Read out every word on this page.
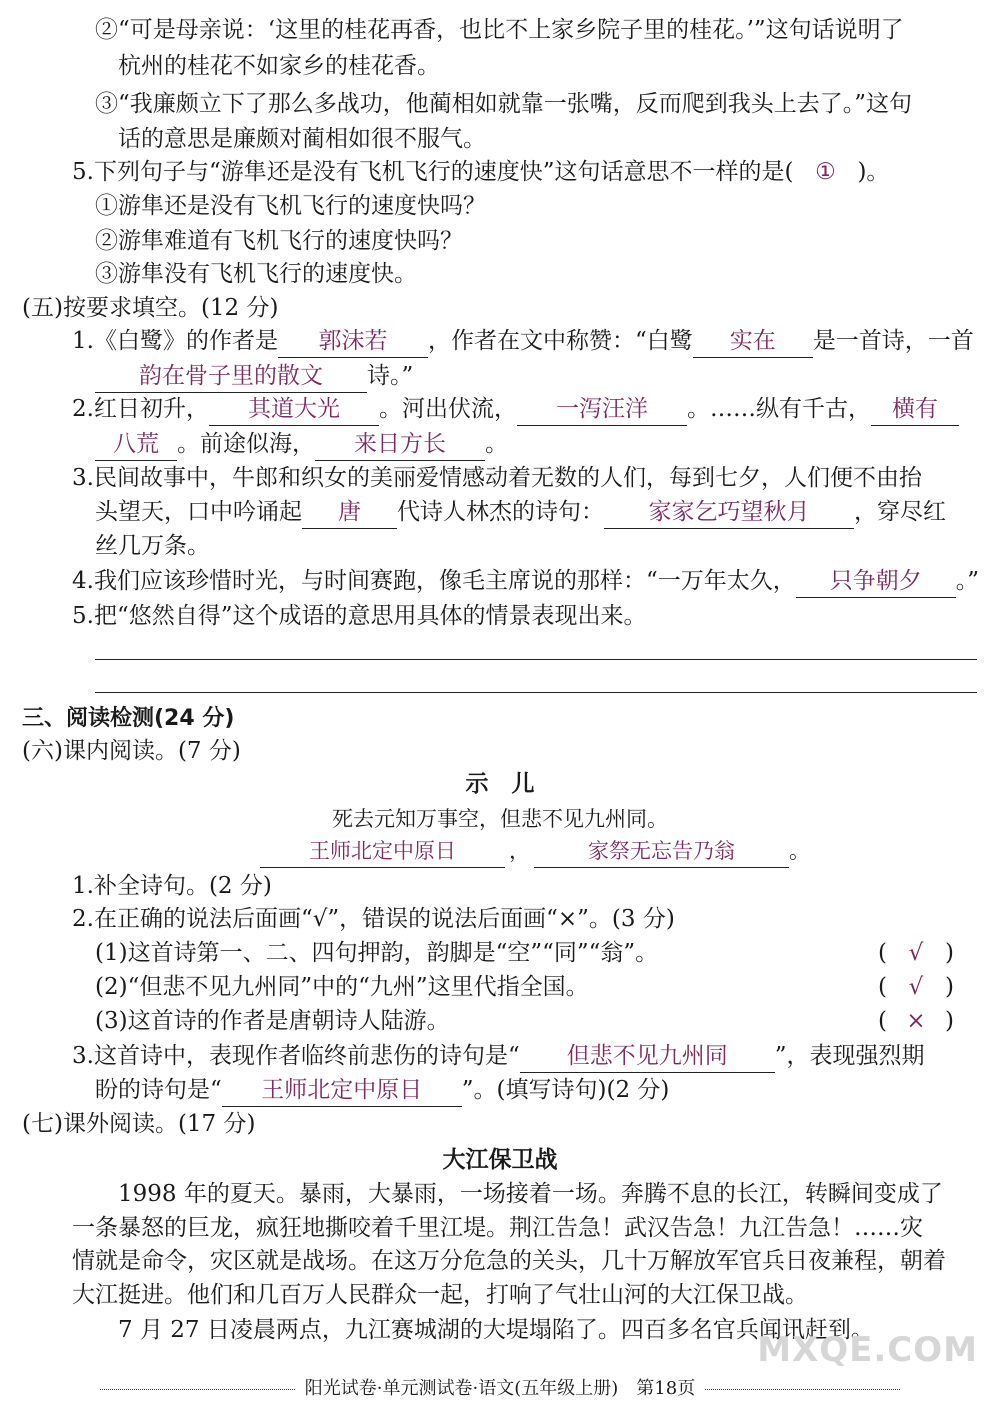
②“可是母亲说：‘这里的桂花再香，也比不上家乡院子里的桂花。’”这句话说明了
杭州的桂花不如家乡的桂花香。
③“我廉颇立下了那么多战功，他蔺相如就靠一张嘴，反而爬到我头上去了。”这句
话的意思是廉颇对蔺相如很不服气。
5.下列句子与“游隼还是没有飞机飞行的速度快”这句话意思不一样的是( ① )。
①游隼还是没有飞机飞行的速度快吗？
②游隼难道有飞机飞行的速度快吗？
③游隼没有飞机飞行的速度快。
(五)按要求填空。(12 分)
1.《白鹭》的作者是 郭沫若 ，作者在文中称赞：“白鹭 实在 是一首诗，一首
韵在骨子里的散文 诗。”
2.红日初升， 其道大光 。河出伏流， 一泻汪洋 。……纵有千古， 横有
八荒 。前途似海， 来日方长 。
3.民间故事中，牛郎和织女的美丽爱情感动着无数的人们，每到七夕，人们便不由抬
头望天，口中吟诵起 唐 代诗人林杰的诗句： 家家乞巧望秋月 ，穿尽红
丝几万条。
4.我们应该珍惜时光，与时间赛跑，像毛主席说的那样：“一万年太久， 只争朝夕 。”
5.把“悠然自得”这个成语的意思用具体的情景表现出来。
三、阅读检测(24 分)
(六)课内阅读。(7 分)
示　儿
死去元知万事空，但悲不见九州同。
王师北定中原日	，	家祭无忘告乃翁	。
1.补全诗句。(2 分)
2.在正确的说法后面画“√”，错误的说法后面画“×”。(3 分)
(1)这首诗第一、二、四句押韵，韵脚是“空”“同”“翁”。	( √ )
(2)“但悲不见九州同”中的“九州”这里代指全国。	( √ )
(3)这首诗的作者是唐朝诗人陆游。	( × )
3.这首诗中，表现作者临终前悲伤的诗句是“ 但悲不见九州同 ”，表现强烈期
盼的诗句是“ 王师北定中原日 ”。(填写诗句)(2 分)
(七)课外阅读。(17 分)
大江保卫战
1998 年的夏天。暴雨，大暴雨，一场接着一场。奔腾不息的长江，转瞬间变成了
一条暴怒的巨龙，疯狂地撕咬着千里江堤。荆江告急！武汉告急！九江告急！……灾
情就是命令，灾区就是战场。在这万分危急的关头，几十万解放军官兵日夜兼程，朝着
大江挺进。他们和几百万人民群众一起，打响了气壮山河的大江保卫战。
7 月 27 日凌晨两点，九江赛城湖的大堤塌陷了。四百多名官兵闻讯赶到。
MXQE.COM
阳光试卷·单元测试卷·语文(五年级上册)　第18页
